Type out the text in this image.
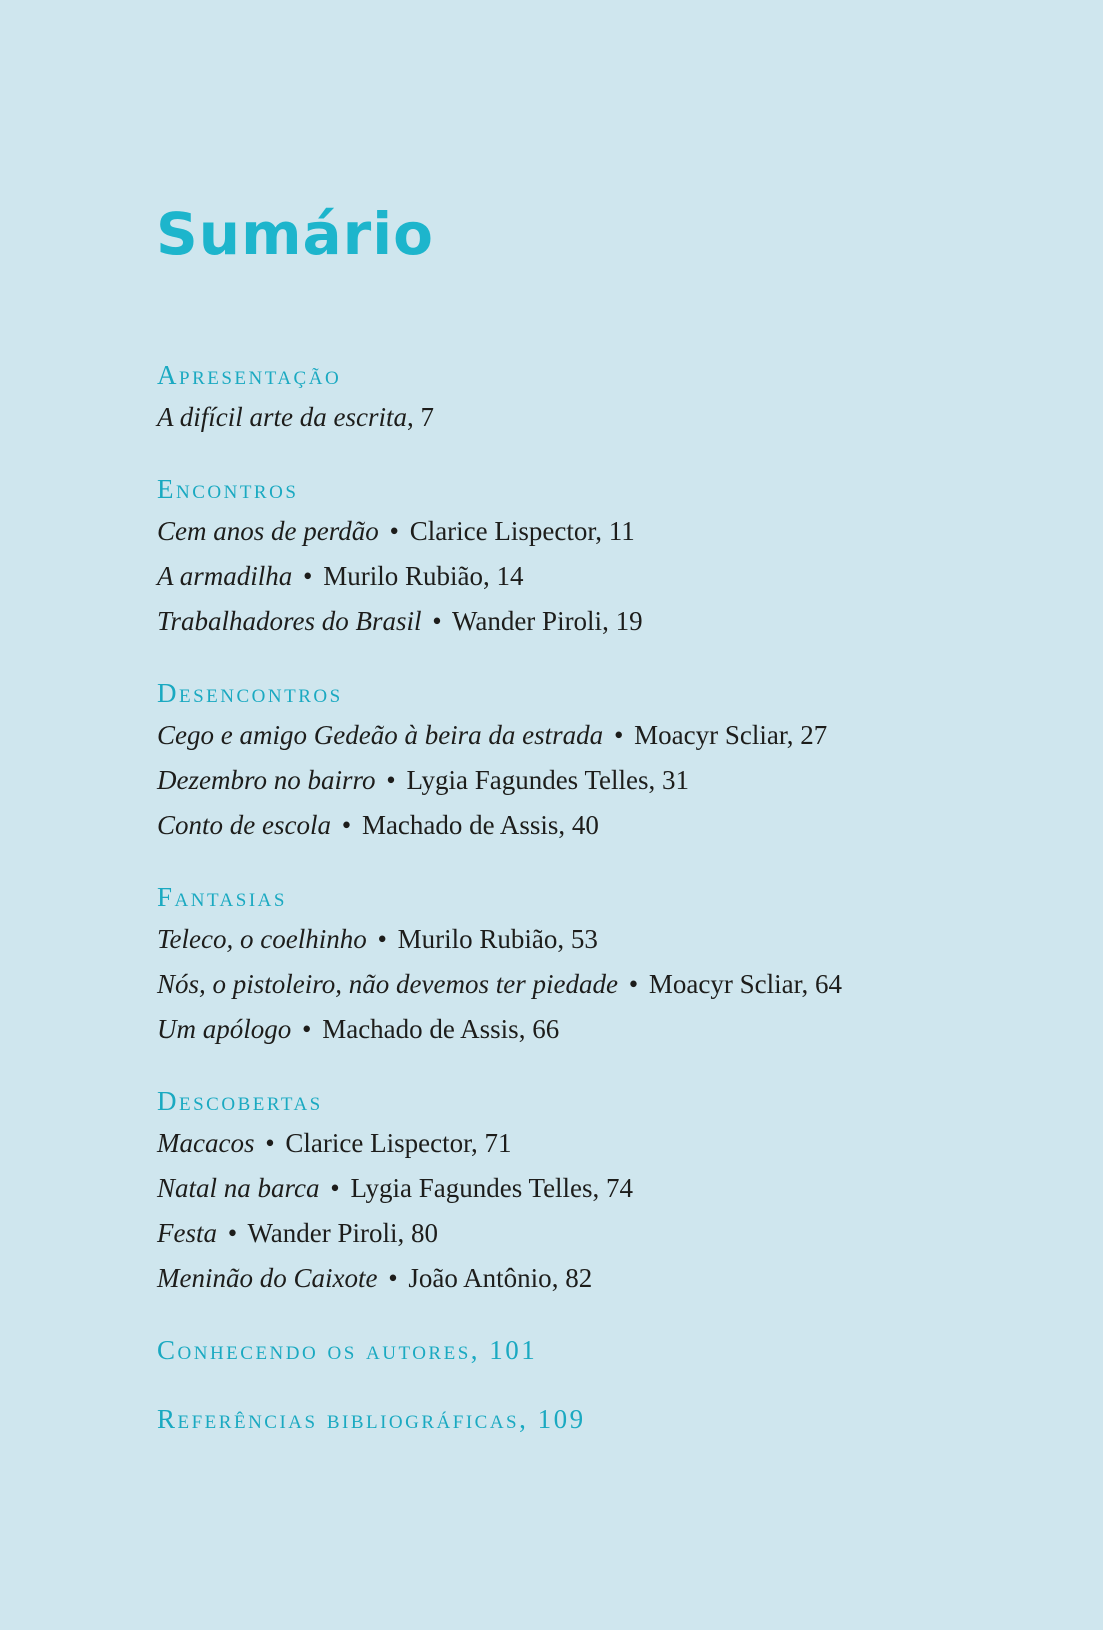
Sumário
Apresentação
A difícil arte da escrita, 7
Encontros
Cem anos de perdão • Clarice Lispector, 11
A armadilha • Murilo Rubião, 14
Trabalhadores do Brasil • Wander Piroli, 19
Desencontros
Cego e amigo Gedeão à beira da estrada • Moacyr Scliar, 27
Dezembro no bairro • Lygia Fagundes Telles, 31
Conto de escola • Machado de Assis, 40
Fantasias
Teleco, o coelhinho • Murilo Rubião, 53
Nós, o pistoleiro, não devemos ter piedade • Moacyr Scliar, 64
Um apólogo • Machado de Assis, 66
Descobertas
Macacos • Clarice Lispector, 71
Natal na barca • Lygia Fagundes Telles, 74
Festa • Wander Piroli, 80
Meninão do Caixote • João Antônio, 82
Conhecendo os autores, 101
Referências bibliográficas, 109
